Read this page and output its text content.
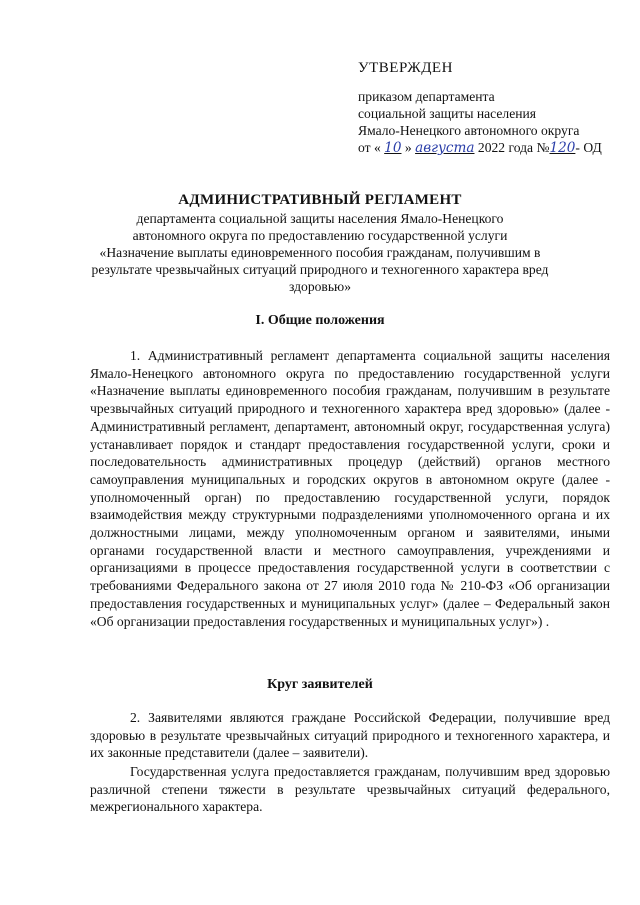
УТВЕРЖДЕН
приказом департамента
социальной защиты населения
Ямало-Ненецкого автономного округа
от « 10 » августа 2022 года №120- ОД
АДМИНИСТРАТИВНЫЙ РЕГЛАМЕНТ
департамента социальной защиты населения Ямало-Ненецкого
автономного округа по предоставлению государственной услуги
«Назначение выплаты единовременного пособия гражданам, получившим в
результате чрезвычайных ситуаций природного и техногенного характера вред
здоровью»
I. Общие положения
1. Административный регламент департамента социальной защиты населения Ямало-Ненецкого автономного округа по предоставлению государственной услуги «Назначение выплаты единовременного пособия гражданам, получившим в результате чрезвычайных ситуаций природного и техногенного характера вред здоровью» (далее - Административный регламент, департамент, автономный округ, государственная услуга) устанавливает порядок и стандарт предоставления государственной услуги, сроки и последовательность административных процедур (действий) органов местного самоуправления муниципальных и городских округов в автономном округе (далее - уполномоченный орган) по предоставлению государственной услуги, порядок взаимодействия между структурными подразделениями уполномоченного органа и их должностными лицами, между уполномоченным органом и заявителями, иными органами государственной власти и местного самоуправления, учреждениями и организациями в процессе предоставления государственной услуги в соответствии с требованиями Федерального закона от 27 июля 2010 года № 210-ФЗ «Об организации предоставления государственных и муниципальных услуг» (далее – Федеральный закон «Об организации предоставления государственных и муниципальных услуг») .
Круг заявителей
2. Заявителями являются граждане Российской Федерации, получившие вред здоровью в результате чрезвычайных ситуаций природного и техногенного характера, и их законные представители (далее – заявители).
Государственная услуга предоставляется гражданам, получившим вред здоровью различной степени тяжести в результате чрезвычайных ситуаций федерального, межрегионального характера.
